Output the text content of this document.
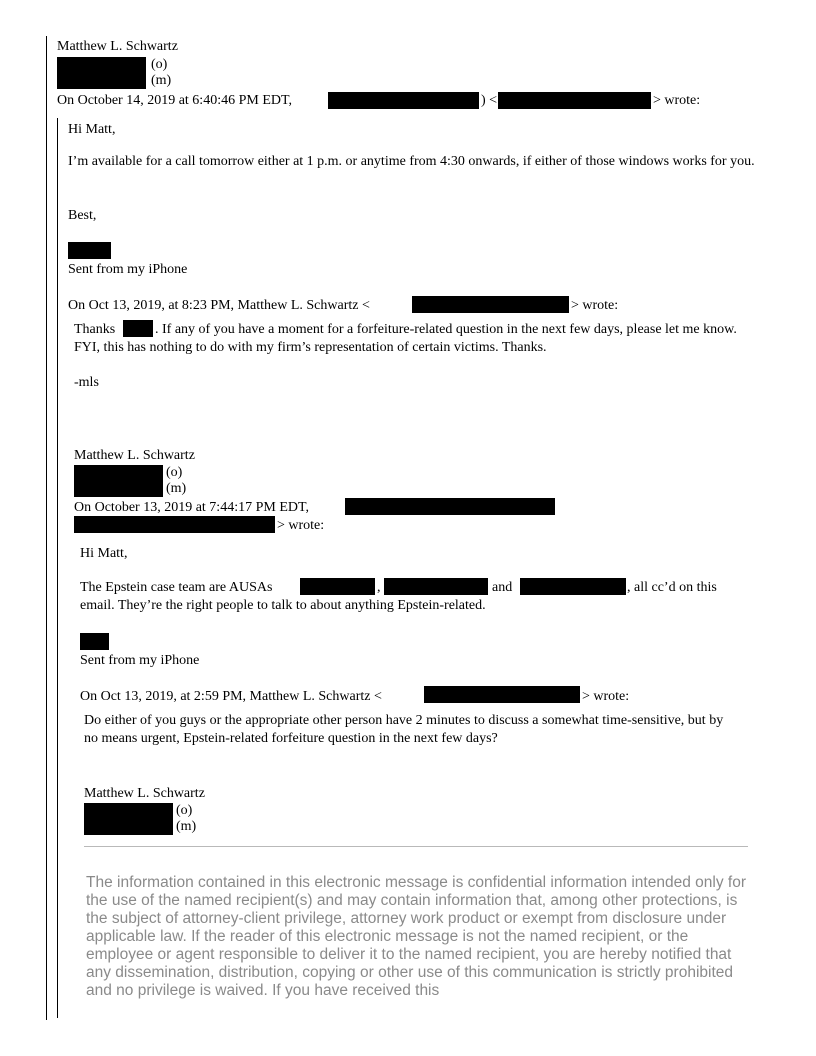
Matthew L. Schwartz
(o)
(m)
On October 14, 2019 at 6:40:46 PM EDT,	) <	> wrote:
Hi Matt,
I’m available for a call tomorrow either at 1 p.m. or anytime from 4:30 onwards, if either of those windows works for you.
Best,
Sent from my iPhone
On Oct 13, 2019, at 8:23 PM, Matthew L. Schwartz <	> wrote:
Thanks	. If any of you have a moment for a forfeiture-related question in the next few days, please let me know. FYI, this has nothing to do with my firm’s representation of certain victims. Thanks.
-mls
Matthew L. Schwartz
(o)
(m)
On October 13, 2019 at 7:44:17 PM EDT,
> wrote:
Hi Matt,
The Epstein case team are AUSAs	,	and	, all cc’d on this
email. They’re the right people to talk to about anything Epstein-related.
Sent from my iPhone
On Oct 13, 2019, at 2:59 PM, Matthew L. Schwartz <	> wrote:
Do either of you guys or the appropriate other person have 2 minutes to discuss a somewhat time-sensitive, but by no means urgent, Epstein-related forfeiture question in the next few days?
Matthew L. Schwartz
(o)
(m)
The information contained in this electronic message is confidential information intended only for the use of the named recipient(s) and may contain information that, among other protections, is the subject of attorney-client privilege, attorney work product or exempt from disclosure under applicable law. If the reader of this electronic message is not the named recipient, or the employee or agent responsible to deliver it to the named recipient, you are hereby notified that any dissemination, distribution, copying or other use of this communication is strictly prohibited and no privilege is waived. If you have received this
